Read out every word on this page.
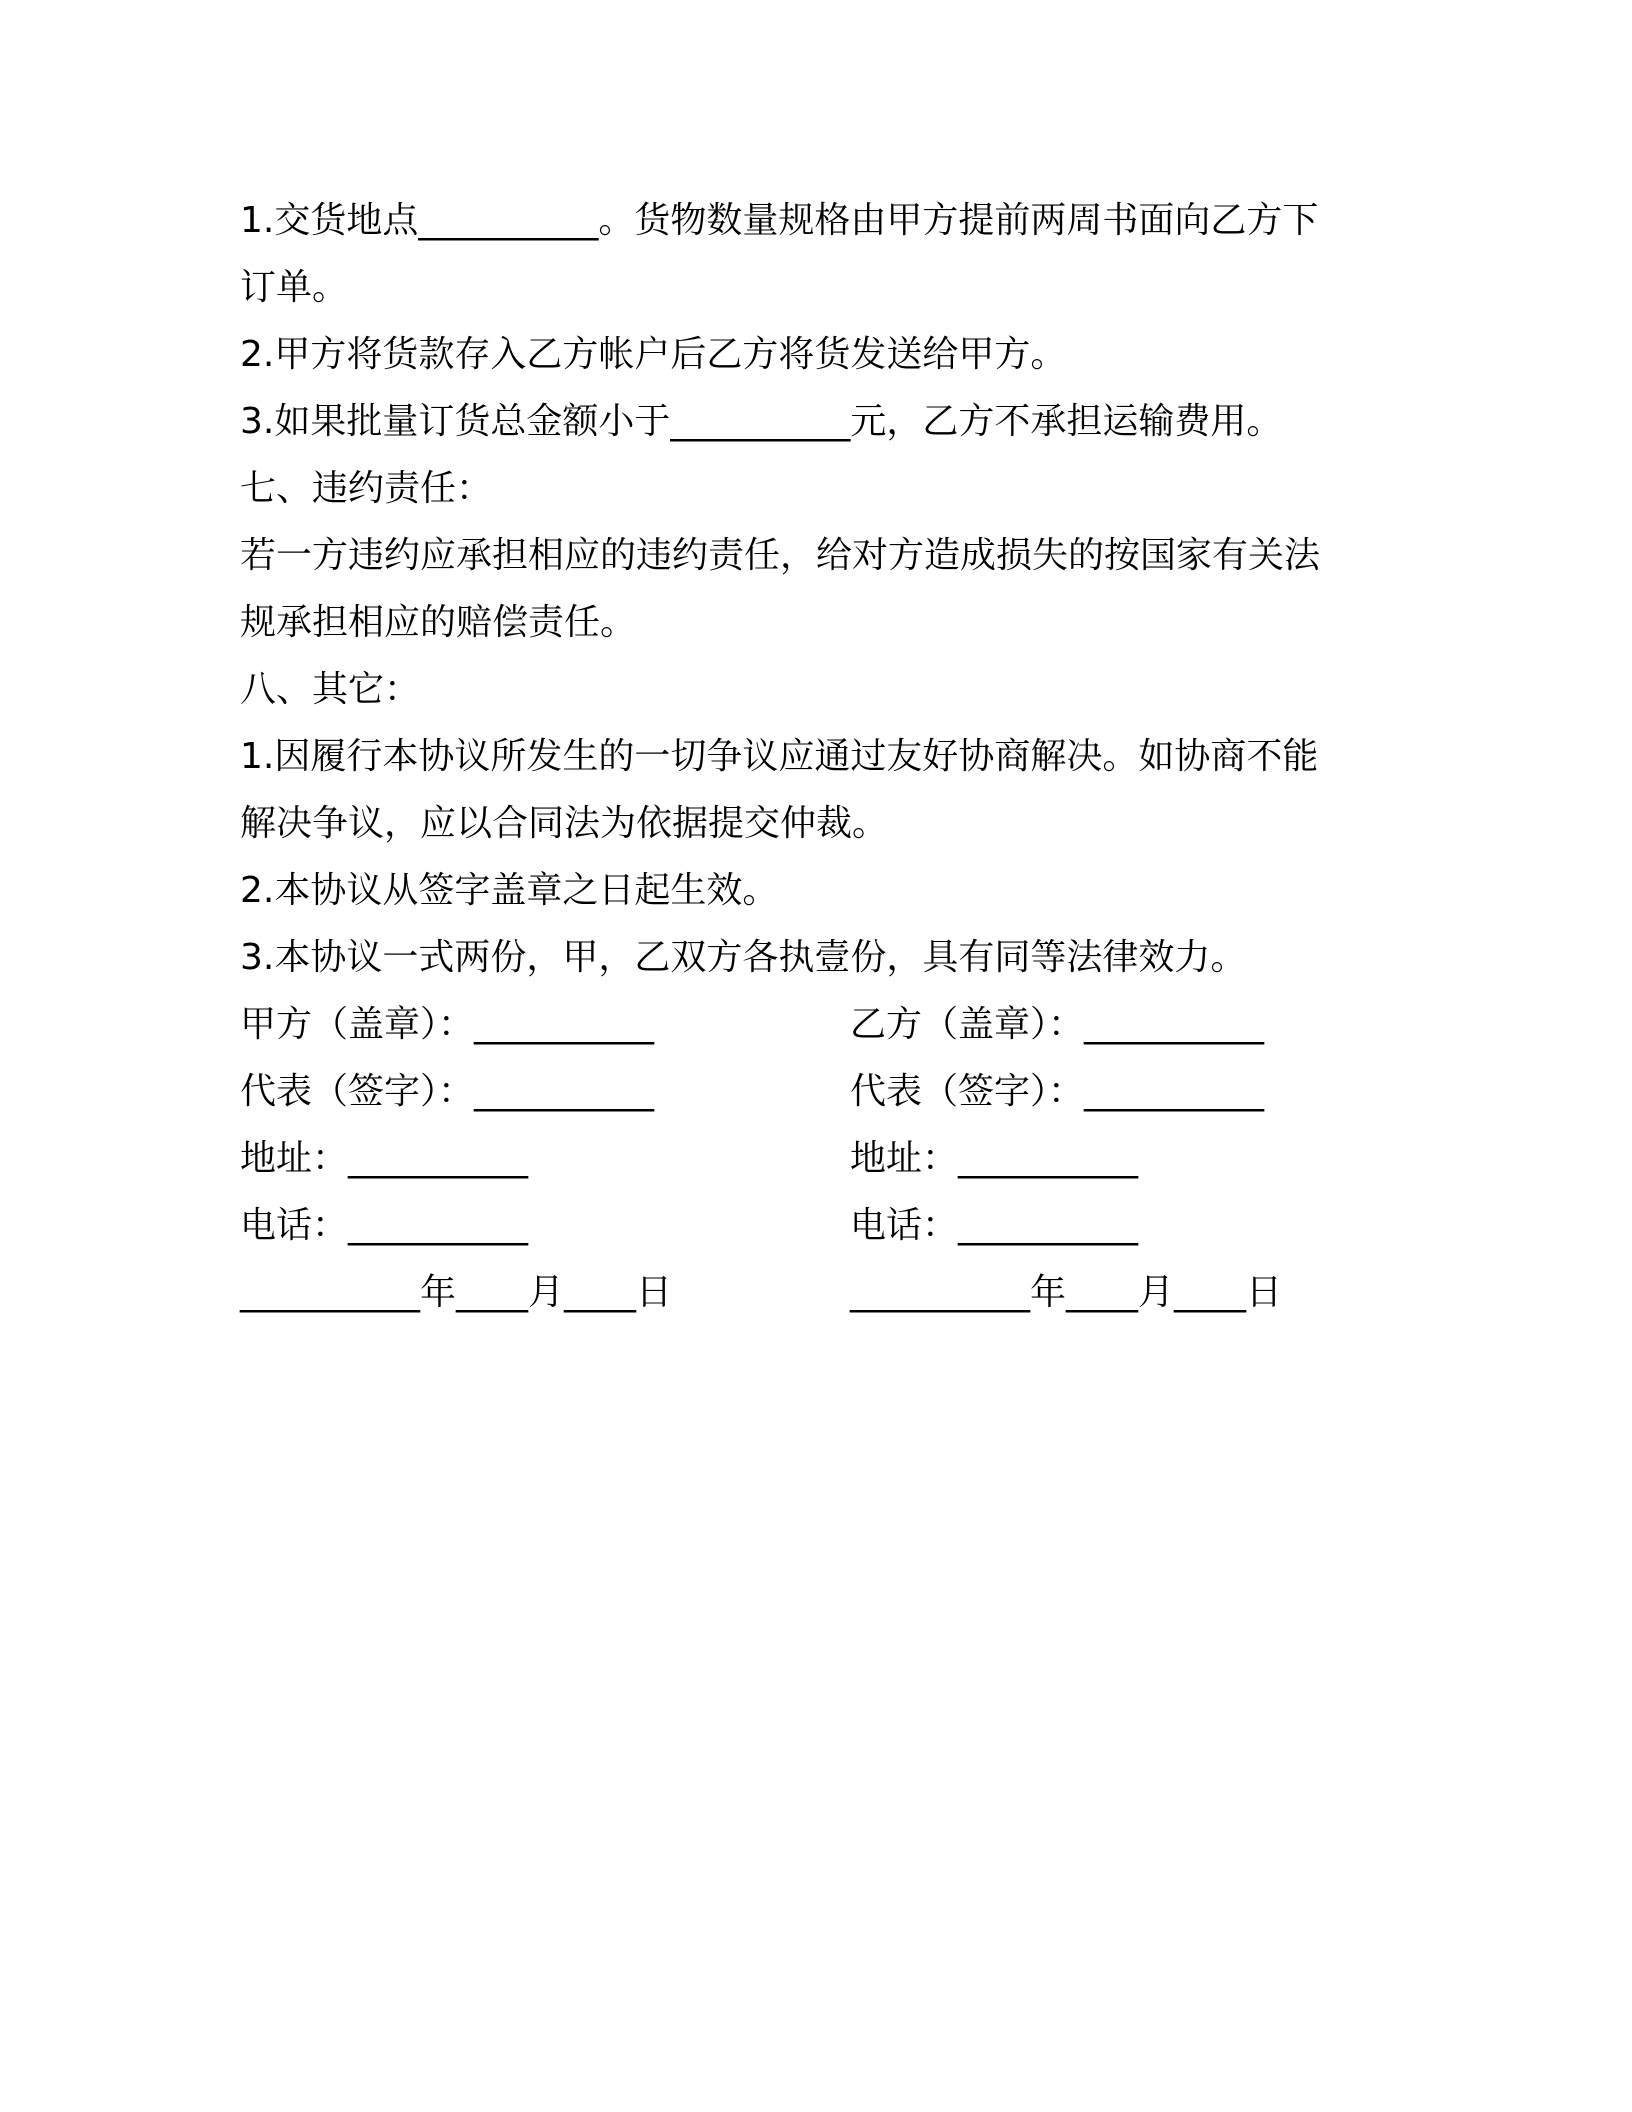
1.交货地点__________。货物数量规格由甲方提前两周书面向乙方下
订单。
2.甲方将货款存入乙方帐户后乙方将货发送给甲方。
3.如果批量订货总金额小于__________元，乙方不承担运输费用。
七、违约责任：
若一方违约应承担相应的违约责任，给对方造成损失的按国家有关法
规承担相应的赔偿责任。
八、其它：
1.因履行本协议所发生的一切争议应通过友好协商解决。如协商不能
解决争议，应以合同法为依据提交仲裁。
2.本协议从签字盖章之日起生效。
3.本协议一式两份，甲，乙双方各执壹份，具有同等法律效力。
甲方（盖章）：__________	乙方（盖章）：__________
代表（签字）：__________	代表（签字）：__________
地址：__________	地址：__________
电话：__________	电话：__________
__________年____月____日	__________年____月____日
